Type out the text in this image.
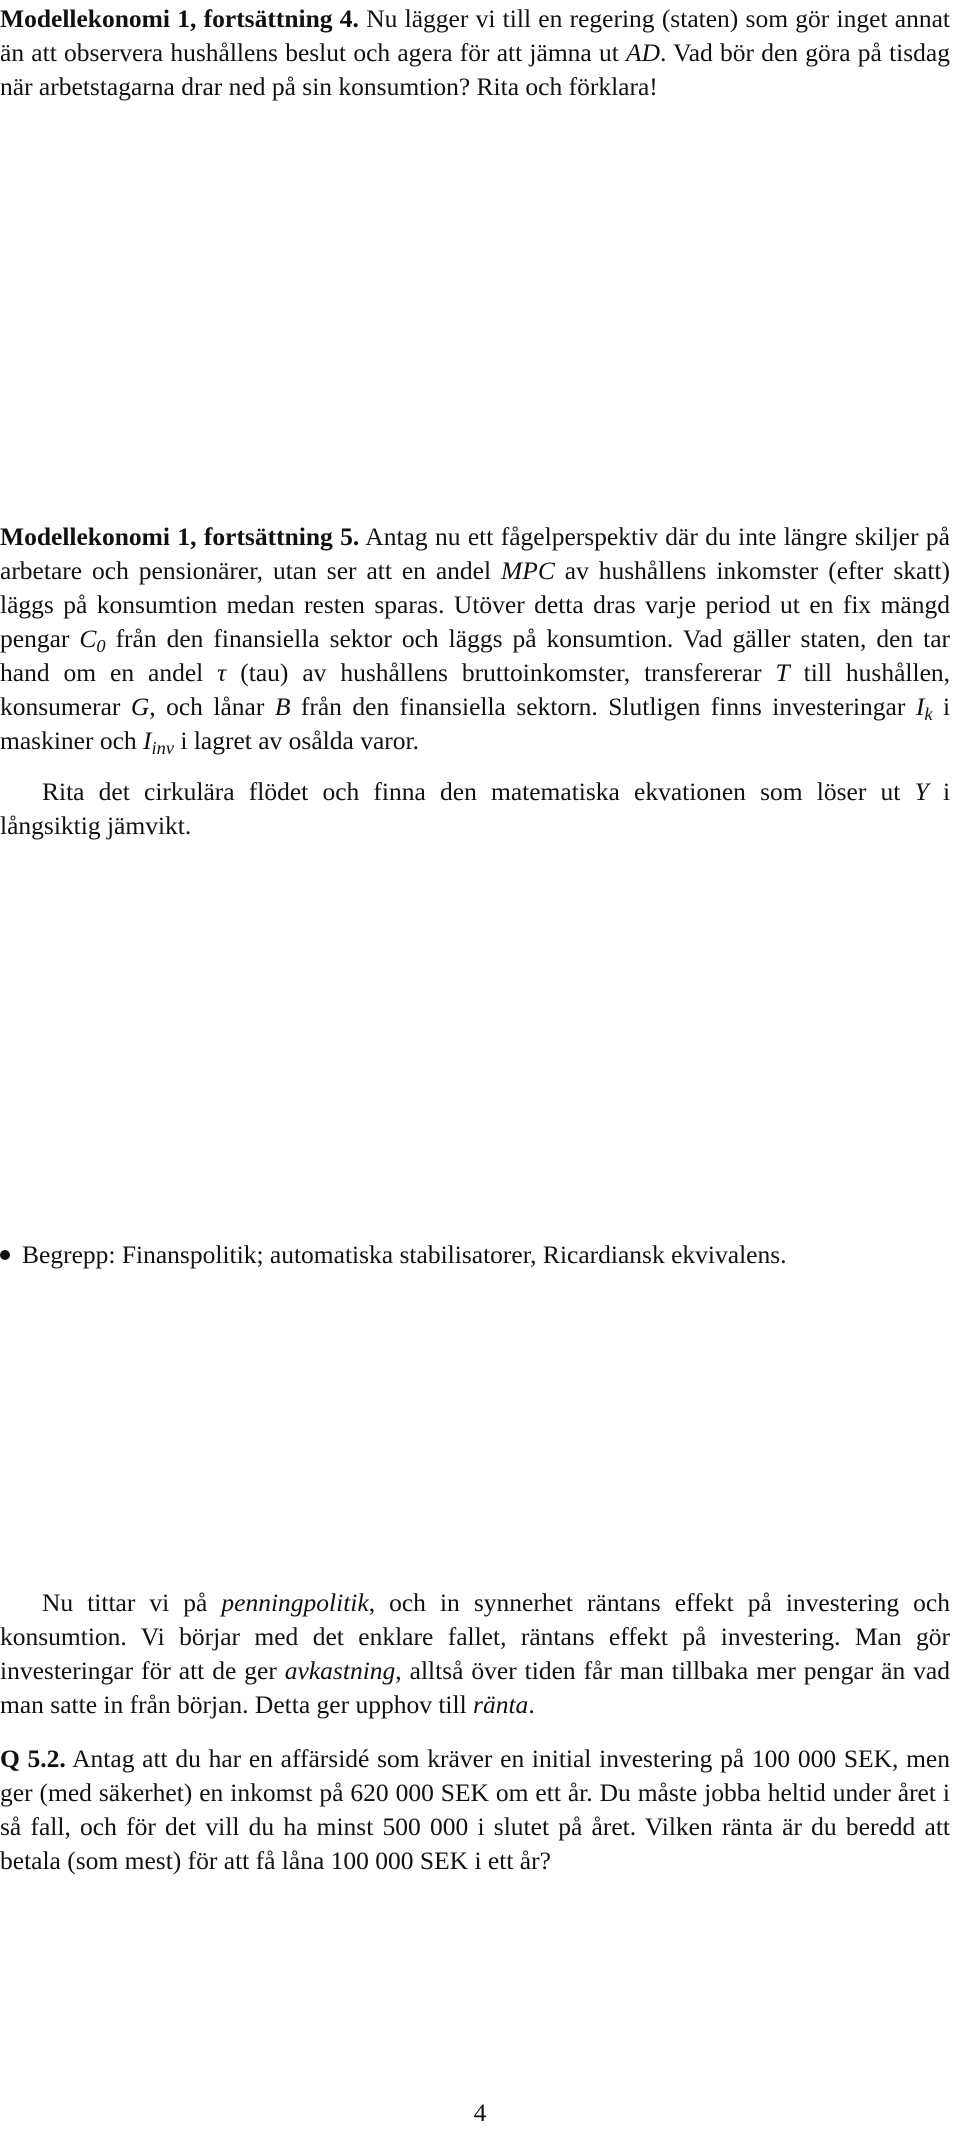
Modellekonomi 1, fortsättning 4. Nu lägger vi till en regering (staten) som gör inget annat än att observera hushållens beslut och agera för att jämna ut AD. Vad bör den göra på tisdag när arbetstagarna drar ned på sin konsumtion? Rita och förklara!
Modellekonomi 1, fortsättning 5. Antag nu ett fågelperspektiv där du inte längre skiljer på arbetare och pensionärer, utan ser att en andel MPC av hushållens inkomster (efter skatt) läggs på konsumtion medan resten sparas. Utöver detta dras varje period ut en fix mängd pengar $C_0$ från den finansiella sektor och läggs på konsumtion. Vad gäller staten, den tar hand om en andel τ (tau) av hushållens bruttoinkomster, transfererar T till hushållen, konsumerar G, och lånar B från den finansiella sektorn. Slutligen finns investeringar $I_k$ i maskiner och $I_{inv}$ i lagret av osålda varor.
Rita det cirkulära flödet och finna den matematiska ekvationen som löser ut Y i långsiktig jämvikt.
Begrepp: Finanspolitik; automatiska stabilisatorer, Ricardiansk ekvivalens.
Nu tittar vi på penningpolitik, och in synnerhet räntans effekt på investering och konsumtion. Vi börjar med det enklare fallet, räntans effekt på investering. Man gör investeringar för att de ger avkastning, alltså över tiden får man tillbaka mer pengar än vad man satte in från början. Detta ger upphov till ränta.
Q 5.2. Antag att du har en affärsidé som kräver en initial investering på 100 000 SEK, men ger (med säkerhet) en inkomst på 620 000 SEK om ett år. Du måste jobba heltid under året i så fall, och för det vill du ha minst 500 000 i slutet på året. Vilken ränta är du beredd att betala (som mest) för att få låna 100 000 SEK i ett år?
4
